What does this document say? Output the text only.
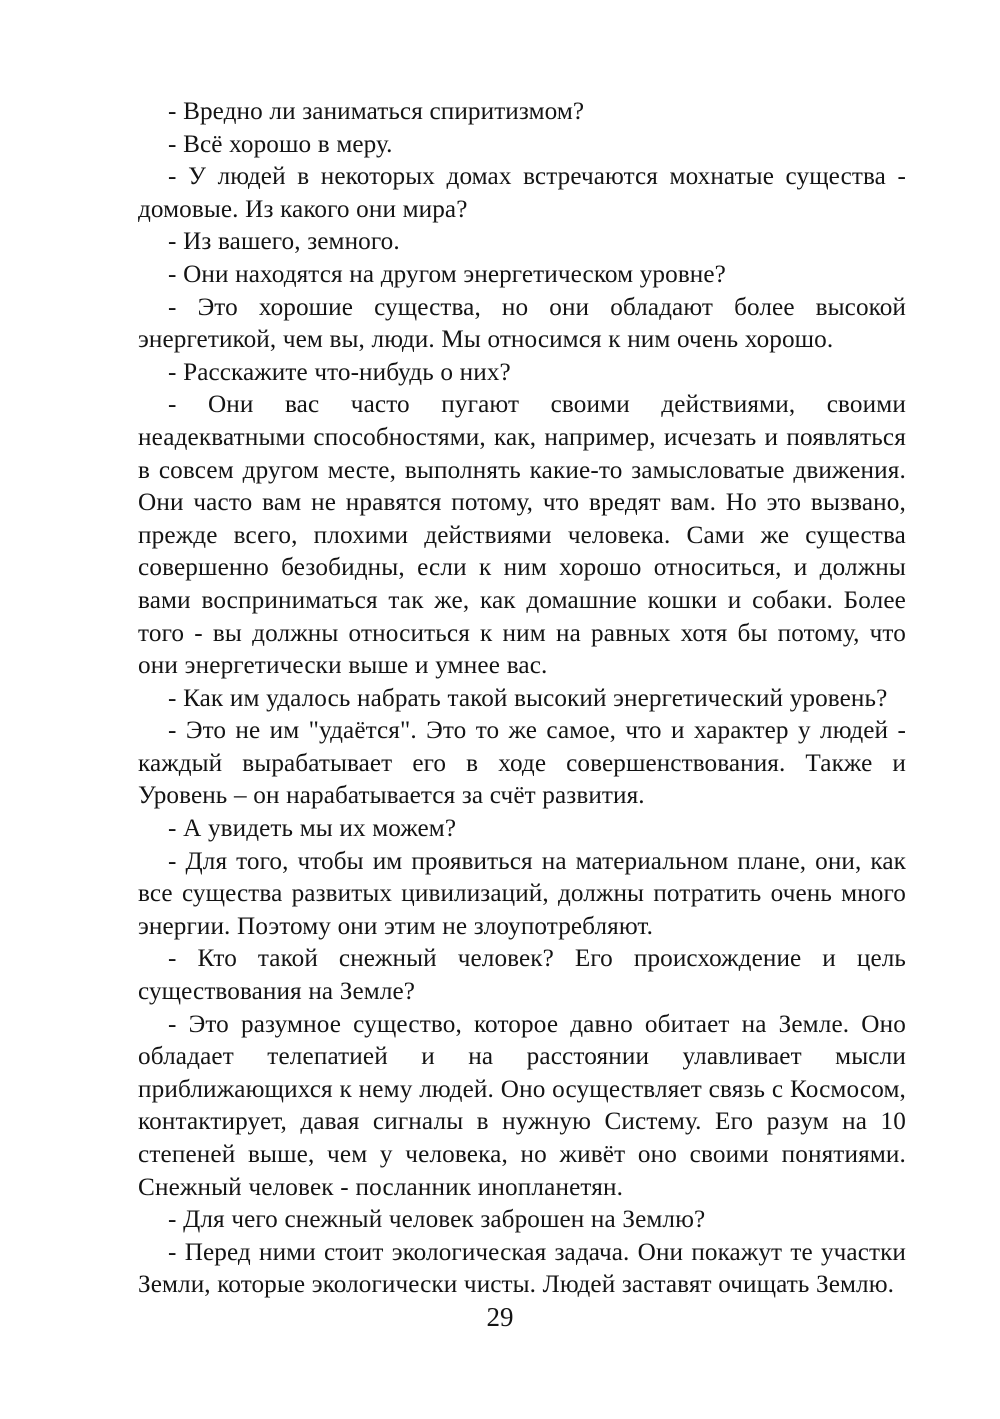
- Вредно ли заниматься спиритизмом?

- Всё хорошо в меру.

- У людей в некоторых домах встречаются мохнатые существа - домовые. Из какого они мира?

- Из вашего, земного.

- Они находятся на другом энергетическом уровне?

- Это хорошие существа, но они обладают более высокой энергетикой, чем вы, люди. Мы относимся к ним очень хорошо.

- Расскажите что-нибудь о них?

- Они вас часто пугают своими действиями, своими неадекватными способностями, как, например, исчезать и появляться в совсем другом месте, выполнять какие-то замысловатые движения. Они часто вам не нравятся потому, что вредят вам. Но это вызвано, прежде всего, плохими действиями человека. Сами же существа совершенно безобидны, если к ним хорошо относиться, и должны вами восприниматься так же, как домашние кошки и собаки. Более того - вы должны относиться к ним на равных хотя бы потому, что они энергетически выше и умнее вас.

- Как им удалось набрать такой высокий энергетический уровень?

- Это не им "удаётся". Это то же самое, что и характер у людей - каждый вырабатывает его в ходе совершенствования. Также и Уровень – он нарабатывается за счёт развития.

- А увидеть мы их можем?

- Для того, чтобы им проявиться на материальном плане, они, как все существа развитых цивилизаций, должны потратить очень много энергии. Поэтому они этим не злоупотребляют.

- Кто такой снежный человек? Его происхождение и цель существования на Земле?

- Это разумное существо, которое давно обитает на Земле. Оно обладает телепатией и на расстоянии улавливает мысли приближающихся к нему людей. Оно осуществляет связь с Космосом, контактирует, давая сигналы в нужную Систему. Его разум на 10 степеней выше, чем у человека, но живёт оно своими понятиями. Снежный человек - посланник инопланетян.

- Для чего снежный человек заброшен на Землю?

- Перед ними стоит экологическая задача. Они покажут те участки Земли, которые экологически чисты. Людей заставят очищать Землю.

29
